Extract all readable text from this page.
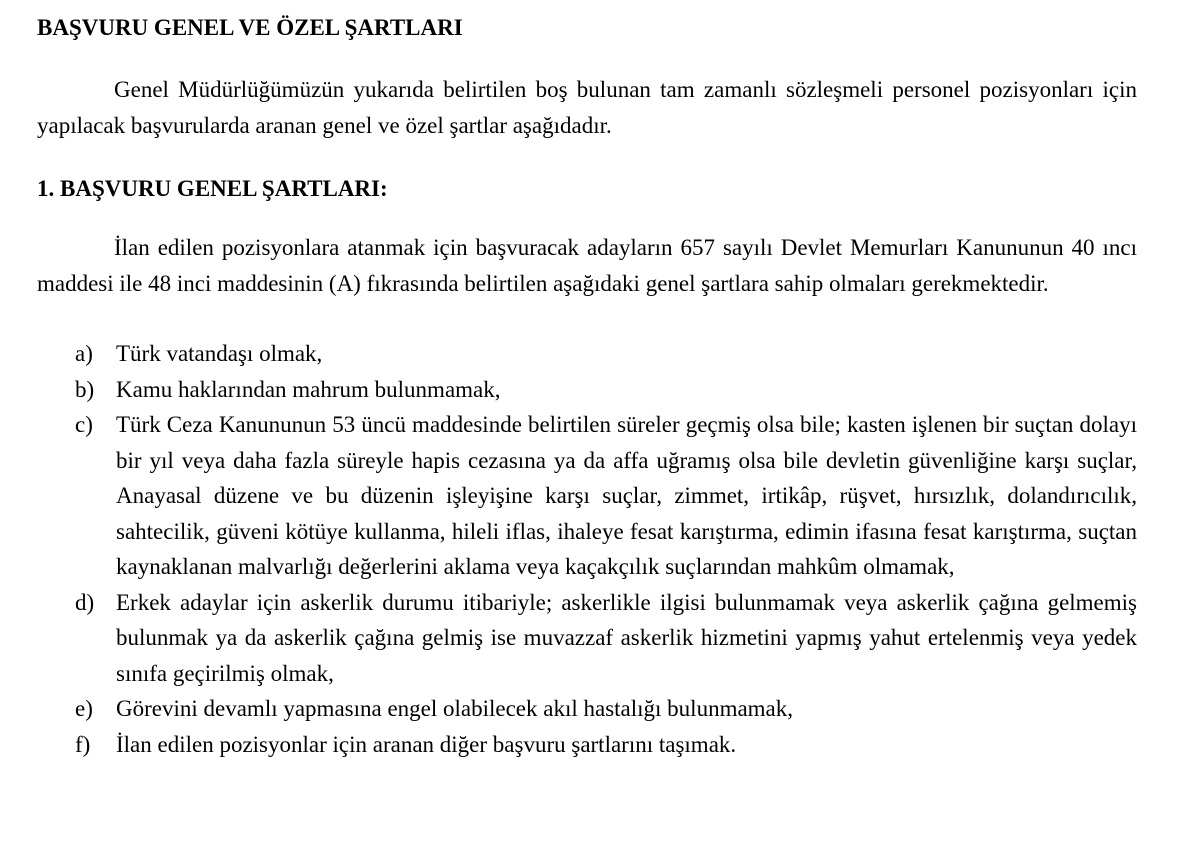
BAŞVURU GENEL VE ÖZEL ŞARTLARI

Genel Müdürlüğümüzün yukarıda belirtilen boş bulunan tam zamanlı sözleşmeli personel pozisyonları için yapılacak başvurularda aranan genel ve özel şartlar aşağıdadır.

1. BAŞVURU GENEL ŞARTLARI:

İlan edilen pozisyonlara atanmak için başvuracak adayların 657 sayılı Devlet Memurları Kanununun 40 ıncı maddesi ile 48 inci maddesinin (A) fıkrasında belirtilen aşağıdaki genel şartlara sahip olmaları gerekmektedir.

a) Türk vatandaşı olmak,
b) Kamu haklarından mahrum bulunmamak,
c) Türk Ceza Kanununun 53 üncü maddesinde belirtilen süreler geçmiş olsa bile; kasten işlenen bir suçtan dolayı bir yıl veya daha fazla süreyle hapis cezasına ya da affa uğramış olsa bile devletin güvenliğine karşı suçlar, Anayasal düzene ve bu düzenin işleyişine karşı suçlar, zimmet, irtikâp, rüşvet, hırsızlık, dolandırıcılık, sahtecilik, güveni kötüye kullanma, hileli iflas, ihaleye fesat karıştırma, edimin ifasına fesat karıştırma, suçtan kaynaklanan malvarlığı değerlerini aklama veya kaçakçılık suçlarından mahkûm olmamak,
d) Erkek adaylar için askerlik durumu itibariyle; askerlikle ilgisi bulunmamak veya askerlik çağına gelmemiş bulunmak ya da askerlik çağına gelmiş ise muvazzaf askerlik hizmetini yapmış yahut ertelenmiş veya yedek sınıfa geçirilmiş olmak,
e) Görevini devamlı yapmasına engel olabilecek akıl hastalığı bulunmamak,
f) İlan edilen pozisyonlar için aranan diğer başvuru şartlarını taşımak.
